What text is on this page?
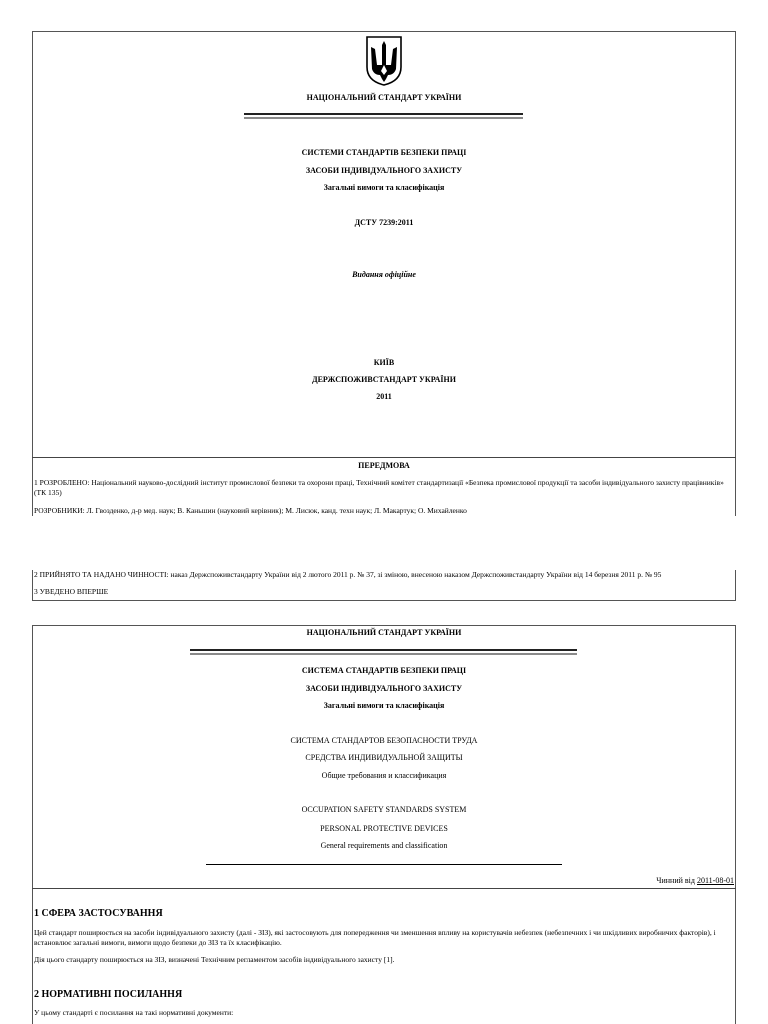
НАЦІОНАЛЬНИЙ СТАНДАРТ УКРАЇНИ
СИСТЕМИ СТАНДАРТІВ БЕЗПЕКИ ПРАЦІ
ЗАСОБИ ІНДИВІДУАЛЬНОГО ЗАХИСТУ
Загальні вимоги та класифікація
ДСТУ 7239:2011
Видання офіційне
КИЇВ
ДЕРЖСПОЖИВСТАНДАРТ УКРАЇНИ
2011
ПЕРЕДМОВА
1 РОЗРОБЛЕНО: Національний науково-дослідний інститут промислової безпеки та охорони праці, Технічний комітет стандартизації «Безпека промислової продукції та засоби індивідуального захисту працівників» (ТК 135)
РОЗРОБНИКИ: Л. Гвозденко, д-р мед. наук; В. Каньшин (науковий керівник); М. Лисюк, канд. техн наук; Л. Макартук; О. Михайленко
2 ПРИЙНЯТО ТА НАДАНО ЧИННОСТІ: наказ Держспоживстандарту України від 2 лютого 2011 р. № 37, зі зміною, внесеною наказом Держспоживстандарту України від 14 березня 2011 р. № 95
3 УВЕДЕНО ВПЕРШЕ
НАЦІОНАЛЬНИЙ СТАНДАРТ УКРАЇНИ
СИСТЕМА СТАНДАРТІВ БЕЗПЕКИ ПРАЦІ
ЗАСОБИ ІНДИВІДУАЛЬНОГО ЗАХИСТУ
Загальні вимоги та класифікація
СИСТЕМА СТАНДАРТОВ БЕЗОПАСНОСТИ ТРУДА
СРЕДСТВА ИНДИВИДУАЛЬНОЙ ЗАЩИТЫ
Общие требования и классификация
OCCUPATION SAFETY STANDARDS SYSTEM
PERSONAL PROTECTIVE DEVICES
General requirements and classification
Чинний від 2011-08-01
1 СФЕРА ЗАСТОСУВАННЯ
Цей стандарт поширюється на засоби індивідуального захисту (далі - ЗІЗ), які застосовують для попередження чи зменшення впливу на користувачів небезпек (небезпечних і чи шкідливих виробничих факторів), і встановлює загальні вимоги, вимоги щодо безпеки до ЗІЗ та їх класифікацію.
Дія цього стандарту поширюється на ЗІЗ, визначені Технічним регламентом засобів індивідуального захисту [1].
2 НОРМАТИВНІ ПОСИЛАННЯ
У цьому стандарті є посилання на такі нормативні документи:
